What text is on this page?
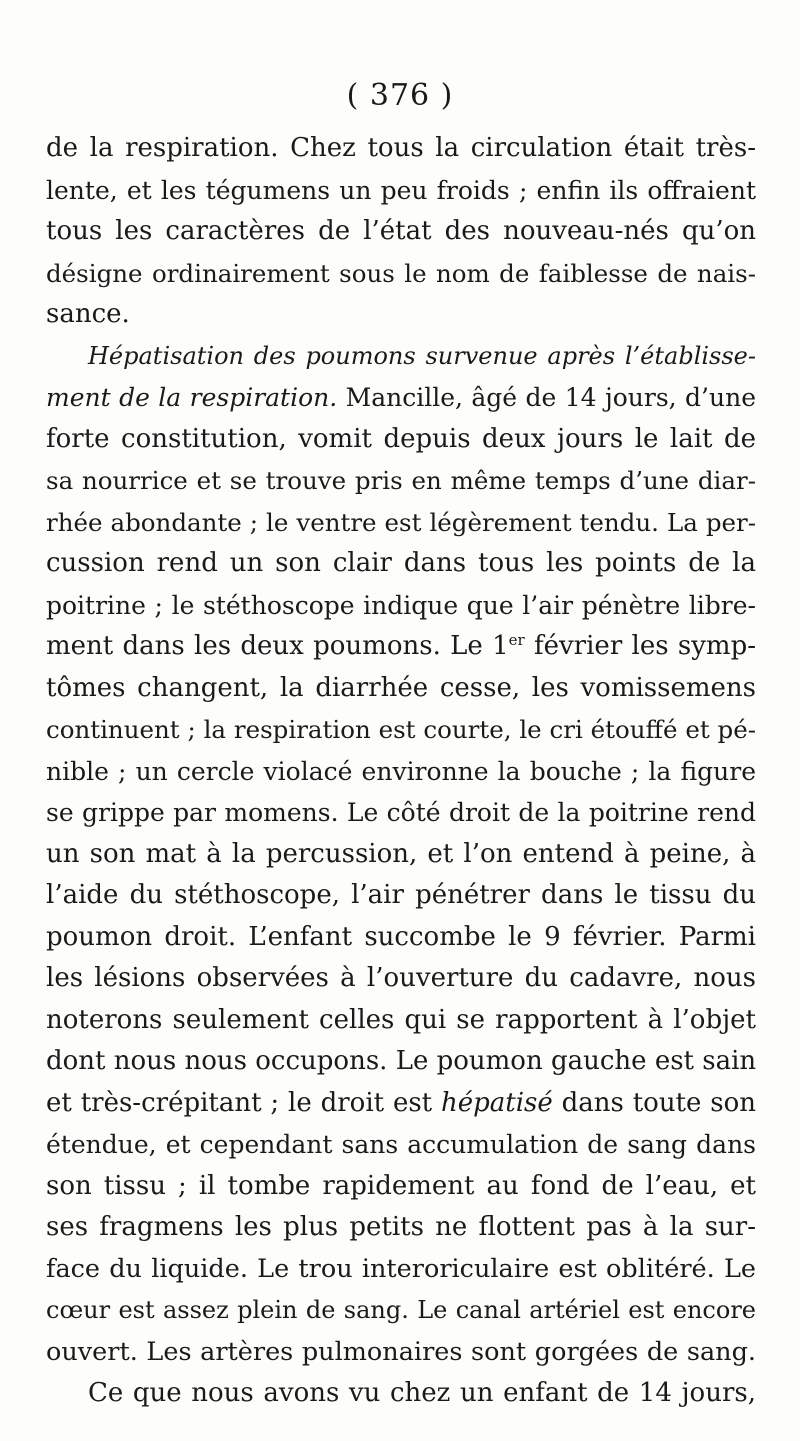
( 376 )
de la respiration. Chez tous la circulation était très-
lente, et les tégumens un peu froids ; enfin ils offraient
tous les caractères de l’état des nouveau-nés qu’on
désigne ordinairement sous le nom de faiblesse de nais-
sance.
Hépatisation des poumons survenue après l’établisse-
ment de la respiration. Mancille, âgé de 14 jours, d’une
forte constitution, vomit depuis deux jours le lait de
sa nourrice et se trouve pris en même temps d’une diar-
rhée abondante ; le ventre est légèrement tendu. La per-
cussion rend un son clair dans tous les points de la
poitrine ; le stéthoscope indique que l’air pénètre libre-
ment dans les deux poumons. Le 1er février les symp-
tômes changent, la diarrhée cesse, les vomissemens
continuent ; la respiration est courte, le cri étouffé et pé-
nible ; un cercle violacé environne la bouche ; la figure
se grippe par momens. Le côté droit de la poitrine rend
un son mat à la percussion, et l’on entend à peine, à
l’aide du stéthoscope, l’air pénétrer dans le tissu du
poumon droit. L’enfant succombe le 9 février. Parmi
les lésions observées à l’ouverture du cadavre, nous
noterons seulement celles qui se rapportent à l’objet
dont nous nous occupons. Le poumon gauche est sain
et très-crépitant ; le droit est hépatisé dans toute son
étendue, et cependant sans accumulation de sang dans
son tissu ; il tombe rapidement au fond de l’eau, et
ses fragmens les plus petits ne flottent pas à la sur-
face du liquide. Le trou interoriculaire est oblitéré. Le
cœur est assez plein de sang. Le canal artériel est encore
ouvert. Les artères pulmonaires sont gorgées de sang.
Ce que nous avons vu chez un enfant de 14 jours,
